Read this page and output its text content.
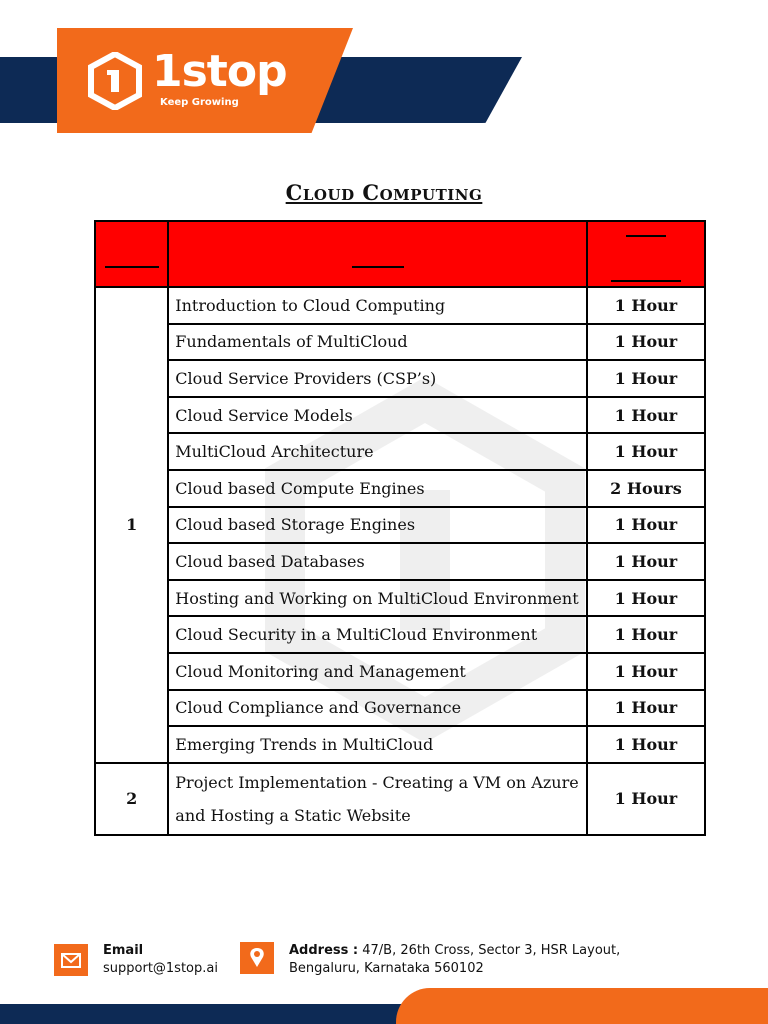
1stop
Keep Growing
Cloud Computing

1	Introduction to Cloud Computing	1 Hour
	Fundamentals of MultiCloud	1 Hour
	Cloud Service Providers (CSP’s)	1 Hour
	Cloud Service Models	1 Hour
	MultiCloud Architecture	1 Hour
	Cloud based Compute Engines	2 Hours
	Cloud based Storage Engines	1 Hour
	Cloud based Databases	1 Hour
	Hosting and Working on MultiCloud Environment	1 Hour
	Cloud Security in a MultiCloud Environment	1 Hour
	Cloud Monitoring and Management	1 Hour
	Cloud Compliance and Governance	1 Hour
	Emerging Trends in MultiCloud	1 Hour
2	Project Implementation - Creating a VM on Azure and Hosting a Static Website	1 Hour
Email
support@1stop.ai
Address : 47/B, 26th Cross, Sector 3, HSR Layout,
Bengaluru, Karnataka 560102
